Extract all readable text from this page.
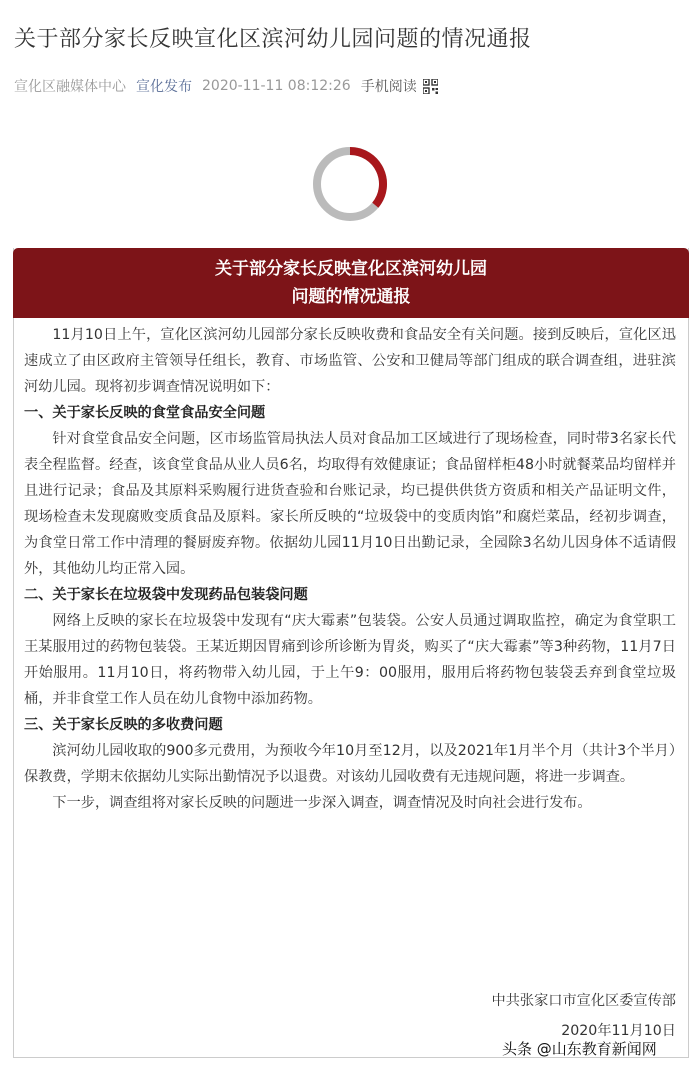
关于部分家长反映宣化区滨河幼儿园问题的情况通报
宣化区融媒体中心 宣化发布 2020-11-11 08:12:26 手机阅读
关于部分家长反映宣化区滨河幼儿园
问题的情况通报

11月10日上午，宣化区滨河幼儿园部分家长反映收费和食品安全有关问题。接到反映后，宣化区迅速成立了由区政府主管领导任组长，教育、市场监管、公安和卫健局等部门组成的联合调查组，进驻滨河幼儿园。现将初步调查情况说明如下：

一、关于家长反映的食堂食品安全问题

针对食堂食品安全问题，区市场监管局执法人员对食品加工区域进行了现场检查，同时带3名家长代表全程监督。经查，该食堂食品从业人员6名，均取得有效健康证；食品留样柜48小时就餐菜品均留样并且进行记录；食品及其原料采购履行进货查验和台账记录，均已提供供货方资质和相关产品证明文件，现场检查未发现腐败变质食品及原料。家长所反映的“垃圾袋中的变质肉馅”和腐烂菜品，经初步调查，为食堂日常工作中清理的餐厨废弃物。依据幼儿园11月10日出勤记录，全园除3名幼儿因身体不适请假外，其他幼儿均正常入园。

二、关于家长在垃圾袋中发现药品包装袋问题

网络上反映的家长在垃圾袋中发现有“庆大霉素”包装袋。公安人员通过调取监控，确定为食堂职工王某服用过的药物包装袋。王某近期因胃痛到诊所诊断为胃炎，购买了“庆大霉素”等3种药物，11月7日开始服用。11月10日，将药物带入幼儿园，于上午9：00服用，服用后将药物包装袋丢弃到食堂垃圾桶，并非食堂工作人员在幼儿食物中添加药物。

三、关于家长反映的多收费问题

滨河幼儿园收取的900多元费用，为预收今年10月至12月，以及2021年1月半个月（共计3个半月）保教费，学期末依据幼儿实际出勤情况予以退费。对该幼儿园收费有无违规问题，将进一步调查。

下一步，调查组将对家长反映的问题进一步深入调查，调查情况及时向社会进行发布。

中共张家口市宣化区委宣传部
2020年11月10日
头条 @山东教育新闻网
